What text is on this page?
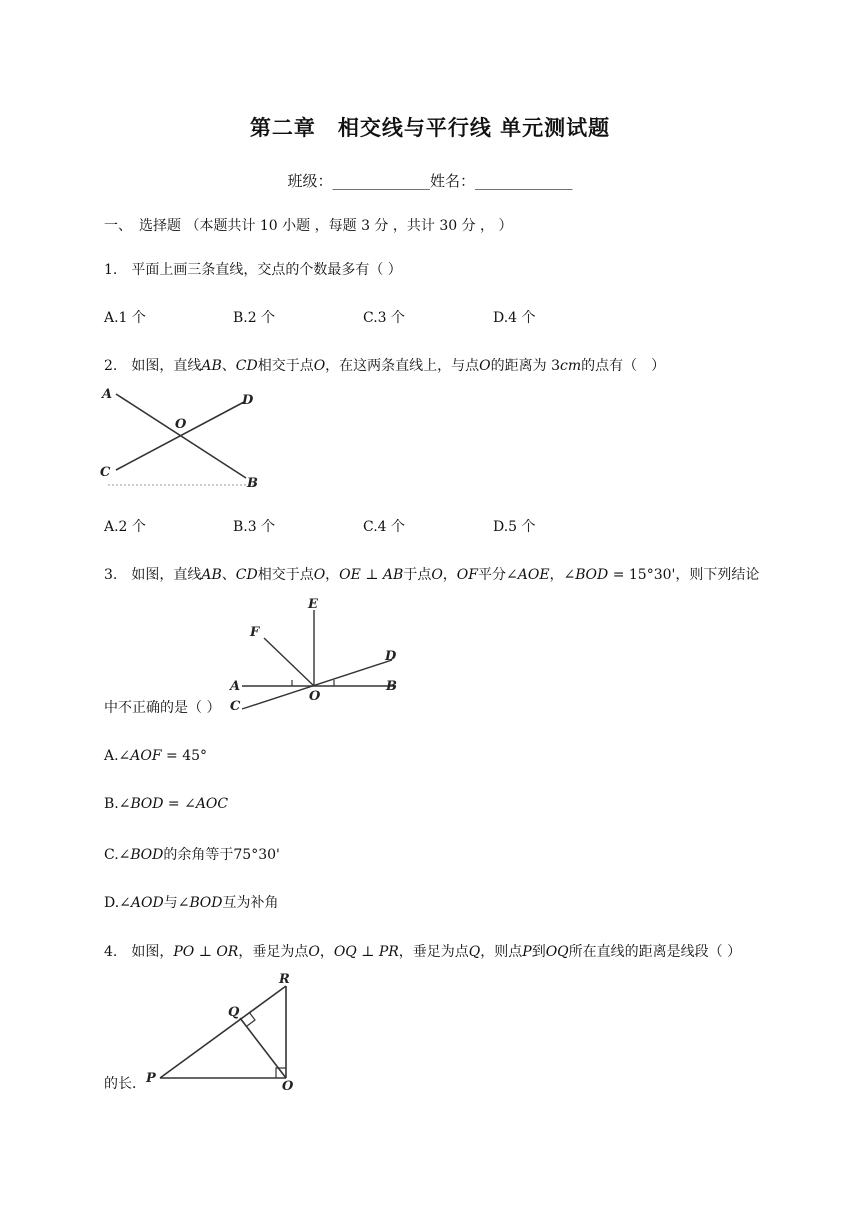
第二章　相交线与平行线 单元测试题
班级：_____________姓名：_____________
一、　选择题 （本题共计 10 小题 ，每题 3 分 ，共计 30 分 ， ）
1.　平面上画三条直线，交点的个数最多有（ ）
A.1 个	B.2 个	C.3 个	D.4 个
2.　如图，直线𝐴𝐵、𝐶𝐷相交于点𝑂，在这两条直线上，与点𝑂的距离为 3𝑐𝑚的点有（　）
A	D
O
C
B
A.2 个	B.3 个	C.4 个	D.5 个
3.　如图，直线𝐴𝐵、𝐶𝐷相交于点𝑂，𝑂𝐸 ⊥ 𝐴𝐵于点𝑂，𝑂𝐹平分∠𝐴𝑂𝐸，∠𝐵𝑂𝐷 = 15°30'，则下列结论
E
F
D
A
C
O
B
中不正确的是（ ）
A.∠𝐴𝑂𝐹 = 45°
B.∠𝐵𝑂𝐷 = ∠𝐴𝑂𝐶
C.∠𝐵𝑂𝐷的余角等于75°30'
D.∠𝐴𝑂𝐷与∠𝐵𝑂𝐷互为补角
4.　如图，𝑃𝑂 ⊥ 𝑂𝑅，垂足为点𝑂，𝑂𝑄 ⊥ 𝑃𝑅，垂足为点𝑄，则点𝑃到𝑂𝑄所在直线的距离是线段（ ）
R
Q
P
O
的长．
